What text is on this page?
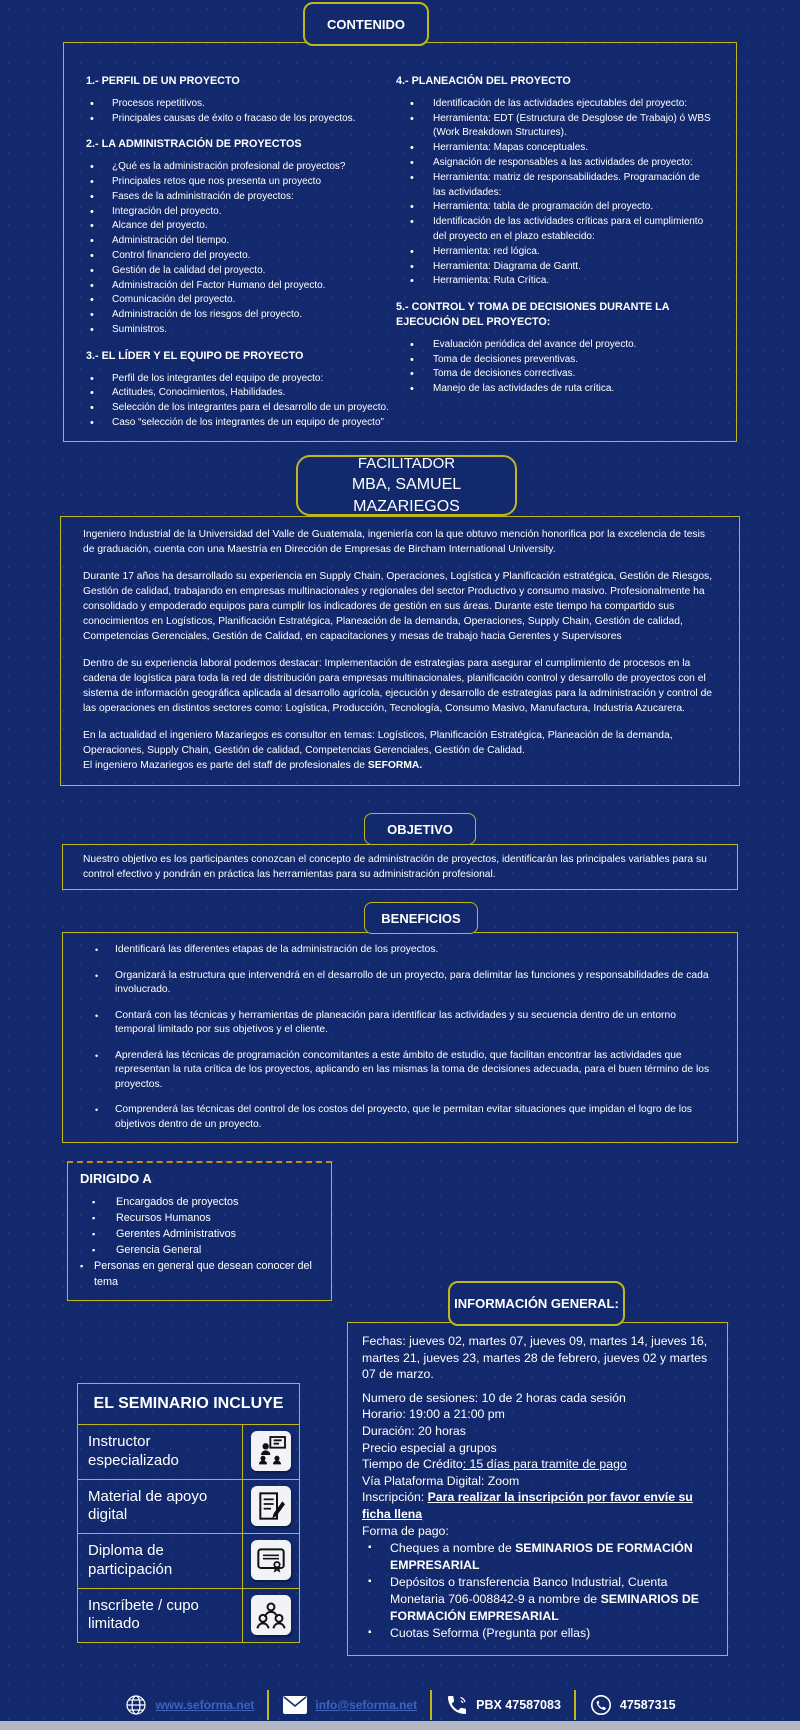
CONTENIDO
1.- PERFIL DE UN PROYECTO
• Procesos repetitivos.
• Principales causas de éxito o fracaso de los proyectos.
2.- LA ADMINISTRACIÓN DE PROYECTOS
• ¿Qué es la administración profesional de proyectos?
• Principales retos que nos presenta un proyecto
• Fases de la administración de proyectos:
• Integración del proyecto.
• Alcance del proyecto.
• Administración del tiempo.
• Control financiero del proyecto.
• Gestión de la calidad del proyecto.
• Administración del Factor Humano del proyecto.
• Comunicación del proyecto.
• Administración de los riesgos del proyecto.
• Suministros.
3.- EL LÍDER Y EL EQUIPO DE PROYECTO
• Perfil de los integrantes del equipo de proyecto:
• Actitudes, Conocimientos, Habilidades.
• Selección de los integrantes para el desarrollo de un proyecto.
• Caso “selección de los integrantes de un equipo de proyecto”
4.- PLANEACIÓN DEL PROYECTO
• Identificación de las actividades ejecutables del proyecto:
• Herramienta: EDT (Estructura de Desglose de Trabajo) ó WBS (Work Breakdown Structures).
• Herramienta: Mapas conceptuales.
• Asignación de responsables a las actividades de proyecto:
• Herramienta: matriz de responsabilidades. Programación de las actividades:
• Herramienta: tabla de programación del proyecto.
• Identificación de las actividades críticas para el cumplimiento del proyecto en el plazo establecido:
• Herramienta: red lógica.
• Herramienta: Diagrama de Gantt.
• Herramienta: Ruta Crítica.
5.- CONTROL Y TOMA DE DECISIONES DURANTE LA EJECUCIÓN DEL PROYECTO:
• Evaluación periódica del avance del proyecto.
• Toma de decisiones preventivas.
• Toma de decisiones correctivas.
• Manejo de las actividades de ruta crítica.
FACILITADOR
MBA, SAMUEL MAZARIEGOS

Ingeniero Industrial de la Universidad del Valle de Guatemala, ingeniería con la que obtuvo mención honorifica por la excelencia de tesis de graduación, cuenta con una Maestría en Dirección de Empresas de Bircham International University.

Durante 17 años ha desarrollado su experiencia en Supply Chain, Operaciones, Logística y Planificación estratégica, Gestión de Riesgos, Gestión de calidad, trabajando en empresas multinacionales y regionales del sector Productivo y consumo masivo. Profesionalmente ha consolidado y empoderado equipos para cumplir los indicadores de gestión en sus áreas. Durante este tiempo ha compartido sus conocimientos en Logísticos, Planificación Estratégica, Planeación de la demanda, Operaciones, Supply Chain, Gestión de calidad, Competencias Gerenciales, Gestión de Calidad, en capacitaciones y mesas de trabajo hacia Gerentes y Supervisores

Dentro de su experiencia laboral podemos destacar: Implementación de estrategias para asegurar el cumplimiento de procesos en la cadena de logística para toda la red de distribución para empresas multinacionales, planificación control y desarrollo de proyectos con el sistema de información geográfica aplicada al desarrollo agrícola, ejecución y desarrollo de estrategias para la administración y control de las operaciones en distintos sectores como: Logística, Producción, Tecnología, Consumo Masivo, Manufactura, Industria Azucarera.

En la actualidad el ingeniero Mazariegos es consultor en temas: Logísticos, Planificación Estratégica, Planeación de la demanda, Operaciones, Supply Chain, Gestión de calidad, Competencias Gerenciales, Gestión de Calidad.

El ingeniero Mazariegos es parte del staff de profesionales de SEFORMA.

OBJETIVO
Nuestro objetivo es los participantes conozcan el concepto de administración de proyectos, identificarán las principales variables para su control efectivo y pondrán en práctica las herramientas para su administración profesional.
BENEFICIOS
• Identificará las diferentes etapas de la administración de los proyectos.
• Organizará la estructura que intervendrá en el desarrollo de un proyecto, para delimitar las funciones y responsabilidades de cada involucrado.
• Contará con las técnicas y herramientas de planeación para identificar las actividades y su secuencia dentro de un entorno temporal limitado por sus objetivos y el cliente.
• Aprenderá las técnicas de programación concomitantes a este ámbito de estudio, que facilitan encontrar las actividades que representan la ruta crítica de los proyectos, aplicando en las mismas la toma de decisiones adecuada, para el buen término de los proyectos.
• Comprenderá las técnicas del control de los costos del proyecto, que le permitan evitar situaciones que impidan el logro de los objetivos dentro de un proyecto.
DIRIGIDO A
▪ Encargados de proyectos
▪ Recursos Humanos
▪ Gerentes Administrativos
▪ Gerencia General
▪ Personas en general que desean conocer del tema
INFORMACIÓN GENERAL:

Fechas: jueves 02, martes 07, jueves 09, martes 14, jueves 16, martes 21, jueves 23, martes 28 de febrero, jueves 02 y martes 07 de marzo.

Numero de sesiones: 10 de 2 horas cada sesión

Horario: 19:00 a 21:00 pm

Duración: 20 horas

Precio especial a grupos

Tiempo de Crédito: 15 días para tramite de pago

Vía Plataforma Digital: Zoom

Inscripción: Para realizar la inscripción por favor envíe su ficha llena

Forma de pago:

▪ Cheques a nombre de SEMINARIOS DE FORMACIÓN EMPRESARIAL
▪ Depósitos o transferencia Banco Industrial, Cuenta Monetaria 706-008842-9 a nombre de SEMINARIOS DE FORMACIÓN EMPRESARIAL
▪ Cuotas Seforma (Pregunta por ellas)
EL SEMINARIO INCLUYE	
Instructor especializado	

Material de apoyo digital	

Diploma de participación	

Inscríbete / cupo limitado	
www.seforma.net	info@seforma.net	PBX 47587083	47587315
